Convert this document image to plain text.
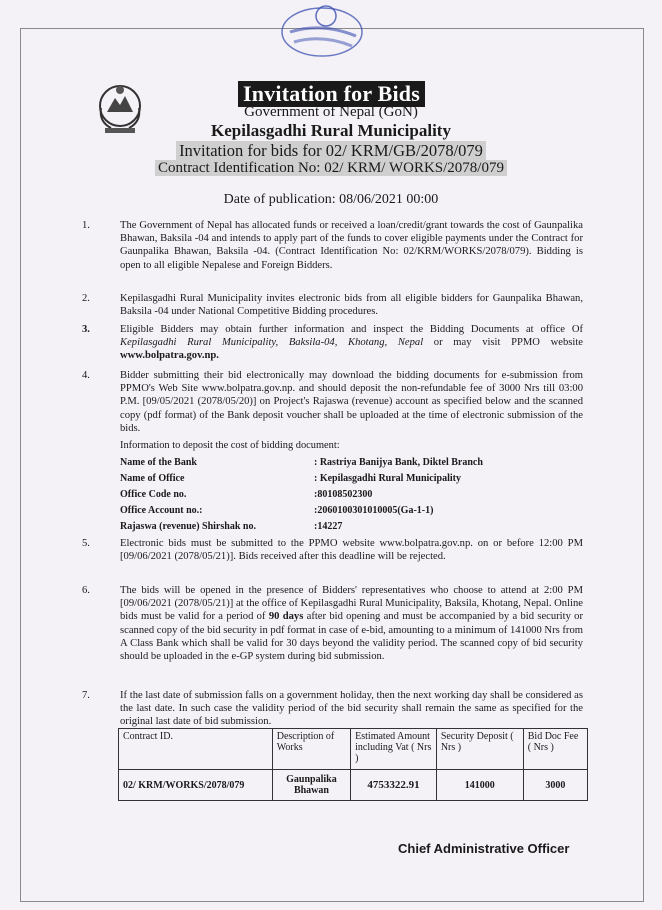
Invitation for Bids
Government of Nepal (GoN)
Kepilasgadhi Rural Municipality
Invitation for bids for 02/ KRM/GB/2078/079
Contract Identification No: 02/ KRM/ WORKS/2078/079
Date of publication: 08/06/2021 00:00
1.	The Government of Nepal has allocated funds or received a loan/credit/grant towards the cost of Gaunpalika Bhawan, Baksila -04 and intends to apply part of the funds to cover eligible payments under the Contract for Gaunpalika Bhawan, Baksila -04. (Contract Identification No: 02/KRM/WORKS/2078/079). Bidding is open to all eligible Nepalese and Foreign Bidders.
2.	Kepilasgadhi Rural Municipality invites electronic bids from all eligible bidders for Gaunpalika Bhawan, Baksila -04 under National Competitive Bidding procedures.
3.	Eligible Bidders may obtain further information and inspect the Bidding Documents at office Of Kepilasgadhi Rural Municipality, Baksila-04, Khotang, Nepal or may visit PPMO website www.bolpatra.gov.np.
4.	Bidder submitting their bid electronically may download the bidding documents for e-submission from PPMO's Web Site www.bolpatra.gov.np. and should deposit the non-refundable fee of 3000 Nrs till 03:00 P.M. [09/05/2021 (2078/05/20)] on Project's Rajaswa (revenue) account as specified below and the scanned copy (pdf format) of the Bank deposit voucher shall be uploaded at the time of electronic submission of the bids.
Information to deposit the cost of bidding document:
Name of the Bank	: Rastriya Banijya Bank, Diktel Branch
Name of Office	: Kepilasgadhi Rural Municipality
Office Code no.	:80108502300
Office Account no.:	:2060100301010005(Ga-1-1)
Rajaswa (revenue) Shirshak no.	:14227
5.	Electronic bids must be submitted to the PPMO website www.bolpatra.gov.np. on or before 12:00 PM [09/06/2021 (2078/05/21)]. Bids received after this deadline will be rejected.
6.	The bids will be opened in the presence of Bidders' representatives who choose to attend at 2:00 PM [09/06/2021 (2078/05/21)] at the office of Kepilasgadhi Rural Municipality, Baksila, Khotang, Nepal. Online bids must be valid for a period of 90 days after bid opening and must be accompanied by a bid security or scanned copy of the bid security in pdf format in case of e-bid, amounting to a minimum of 141000 Nrs from A Class Bank which shall be valid for 30 days beyond the validity period. The scanned copy of bid security should be uploaded in the e-GP system during bid submission.
7.	If the last date of submission falls on a government holiday, then the next working day shall be considered as the last date. In such case the validity period of the bid security shall remain the same as specified for the original last date of bid submission.
Contract ID.	Description of Works	Estimated Amount including Vat ( Nrs )	Security Deposit ( Nrs )	Bid Doc Fee ( Nrs )
02/ KRM/WORKS/2078/079	Gaunpalika Bhawan	4753322.91	141000	3000
Chief Administrative Officer
